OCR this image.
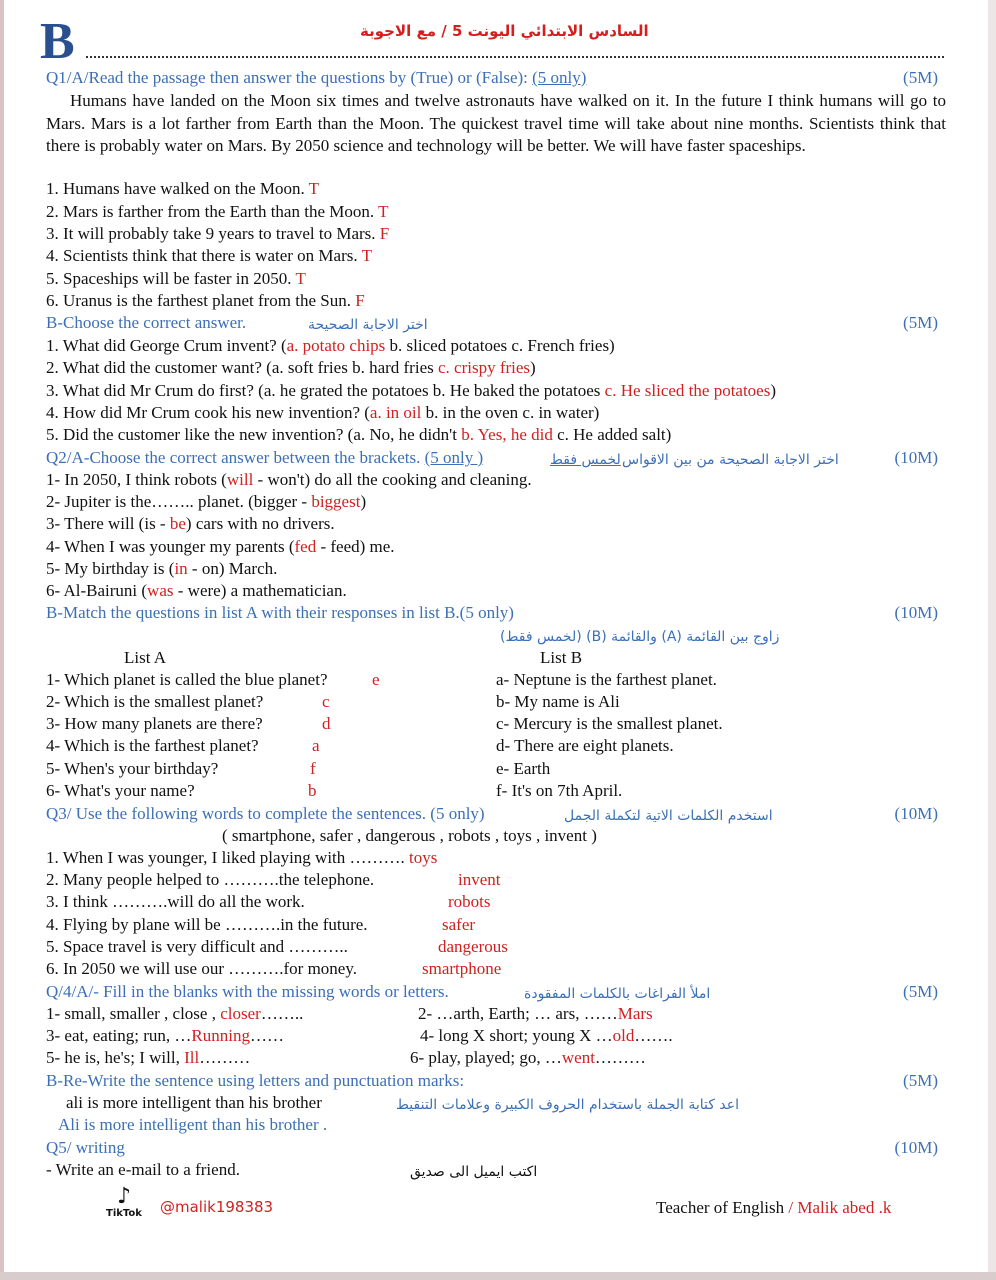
B	السادس الابتدائي اليونت 5 / مع الاجوبة
Q1/A/Read the passage then answer the questions by (True) or (False): (5 only)	(5M)
Humans have landed on the Moon six times and twelve astronauts have walked on it. In the future I think humans will go to Mars. Mars is a lot farther from Earth than the Moon. The quickest travel time will take about nine months. Scientists think that there is probably water on Mars. By 2050 science and technology will be better. We will have faster spaceships.
1. Humans have walked on the Moon. T
2. Mars is farther from the Earth than the Moon. T
3. It will probably take 9 years to travel to Mars. F
4. Scientists think that there is water on Mars. T
5. Spaceships will be faster in 2050. T
6. Uranus is the farthest planet from the Sun. F
B-Choose the correct answer.	اختر الاجابة الصحيحة	(5M)
1. What did George Crum invent? (a. potato chips b. sliced potatoes c. French fries)
2. What did the customer want? (a. soft fries b. hard fries c. crispy fries)
3. What did Mr Crum do first? (a. he grated the potatoes b. He baked the potatoes c. He sliced the potatoes)
4. How did Mr Crum cook his new invention? (a. in oil b. in the oven c. in water)
5. Did the customer like the new invention? (a. No, he didn't b. Yes, he did c. He added salt)
Q2/A-Choose the correct answer between the brackets. (5 only )	لخمس فقط اختر الاجابة الصحيحة من بين الاقواس	(10M)
1- In 2050, I think robots (will - won't) do all the cooking and cleaning.
2- Jupiter is the…….. planet. (bigger - biggest)
3- There will (is - be) cars with no drivers.
4- When I was younger my parents (fed - feed) me.
5- My birthday is (in - on) March.
6- Al-Bairuni (was - were) a mathematician.
B-Match the questions in list A with their responses in list B.(5 only)	(10M)
زاوج بين القائمة (A) والقائمة (B) (لخمس فقط)
List A	List B
1- Which planet is called the blue planet?	e
2- Which is the smallest planet?	c
3- How many planets are there?	d
4- Which is the farthest planet?	a
5- When's your birthday?	f
6- What's your name?	b
a- Neptune is the farthest planet.
b- My name is Ali
c- Mercury is the smallest planet.
d- There are eight planets.
e- Earth
f- It's on 7th April.
Q3/ Use the following words to complete the sentences. (5 only)	استخدم الكلمات الاتية لتكملة الجمل	(10M)
( smartphone, safer , dangerous , robots , toys , invent )
1. When I was younger, I liked playing with ………. toys
2. Many people helped to ……….the telephone.	invent
3. I think ……….will do all the work.	robots
4. Flying by plane will be ……….in the future.	safer
5. Space travel is very difficult and ………..	dangerous
6. In 2050 we will use our ……….for money.	smartphone
Q/4/A/- Fill in the blanks with the missing words or letters.	املأ الفراغات بالكلمات المفقودة	(5M)
1- small, smaller , close , closer……..	2- …arth, Earth; … ars, ……Mars
3- eat, eating; run, …Running……	4- long X short; young X …old…….
5- he is, he's; I will, Ill………	6- play, played; go, …went………
B-Re-Write the sentence using letters and punctuation marks:	(5M)
ali is more intelligent than his brother	اعد كتابة الجملة باستخدام الحروف الكبيرة وعلامات التنقيط
Ali is more intelligent than his brother .
Q5/ writing	(10M)
- Write an e-mail to a friend.	اكتب ايميل الى صديق
♪
TikTok	@malik198383	Teacher of English / Malik abed .k
